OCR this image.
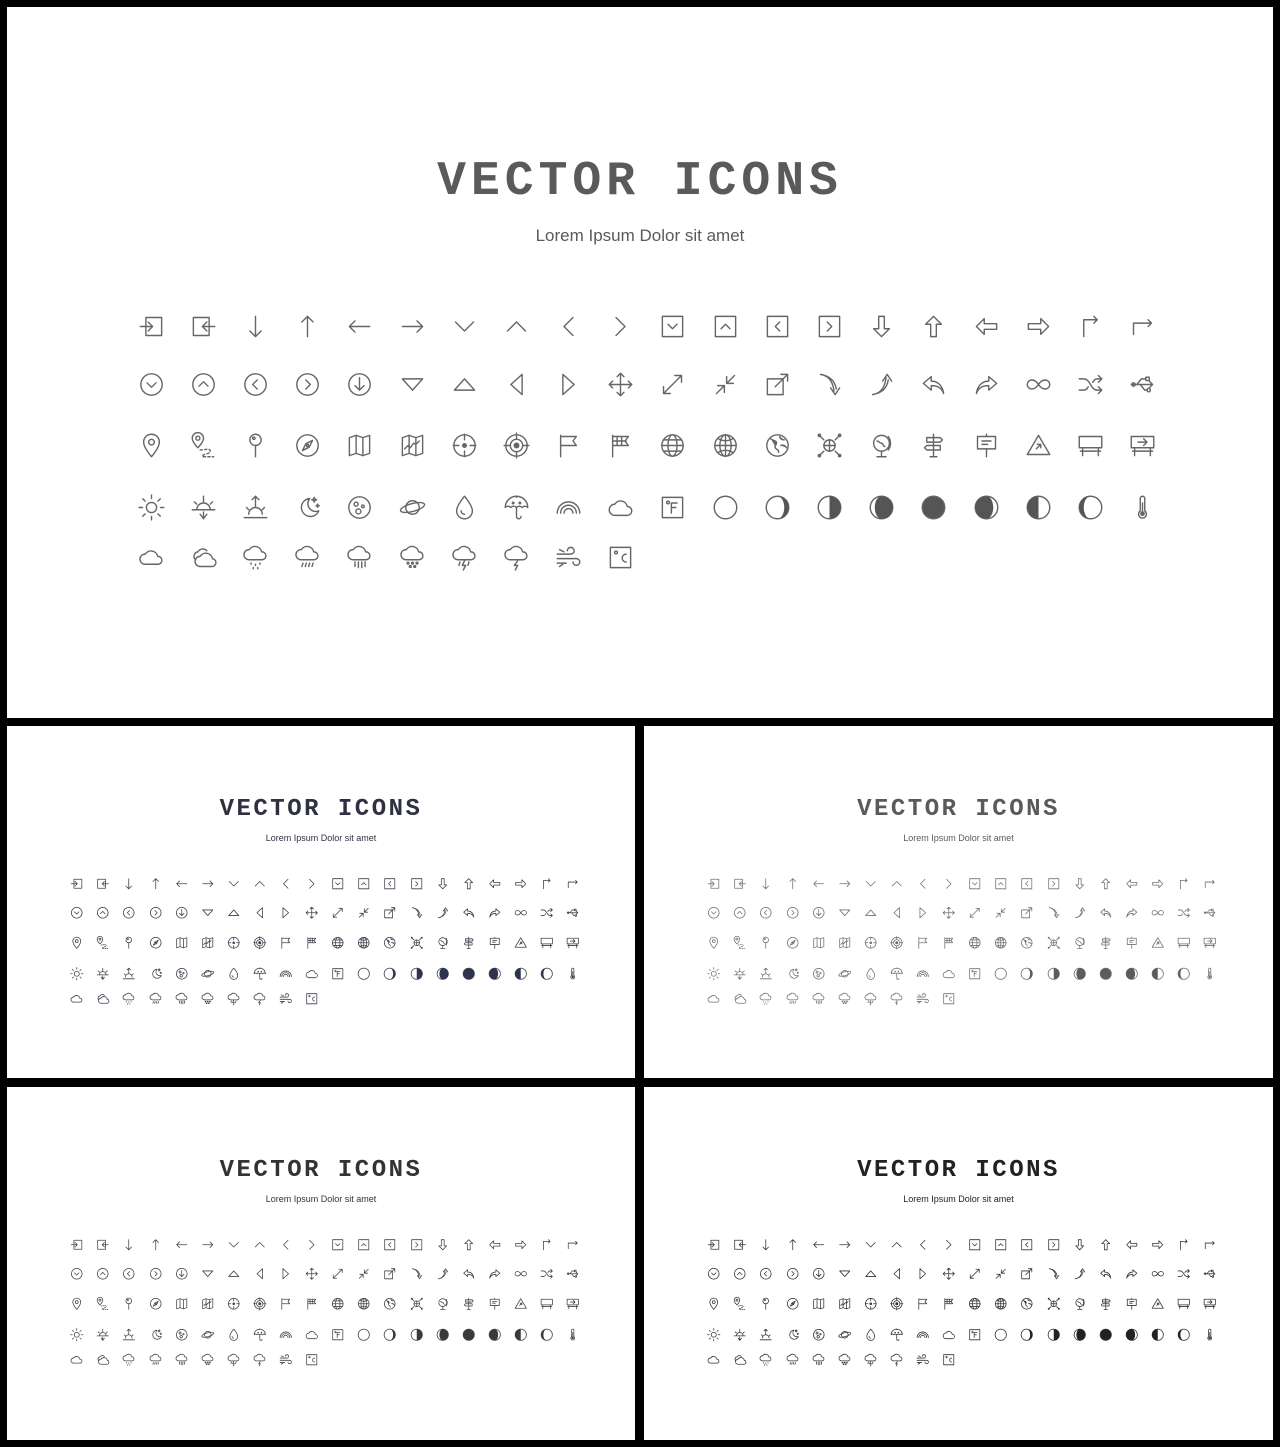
VECTOR ICONS
Lorem Ipsum Dolor sit amet
VECTOR ICONS
Lorem Ipsum Dolor sit amet
VECTOR ICONS
Lorem Ipsum Dolor sit amet
VECTOR ICONS
Lorem Ipsum Dolor sit amet
VECTOR ICONS
Lorem Ipsum Dolor sit amet
